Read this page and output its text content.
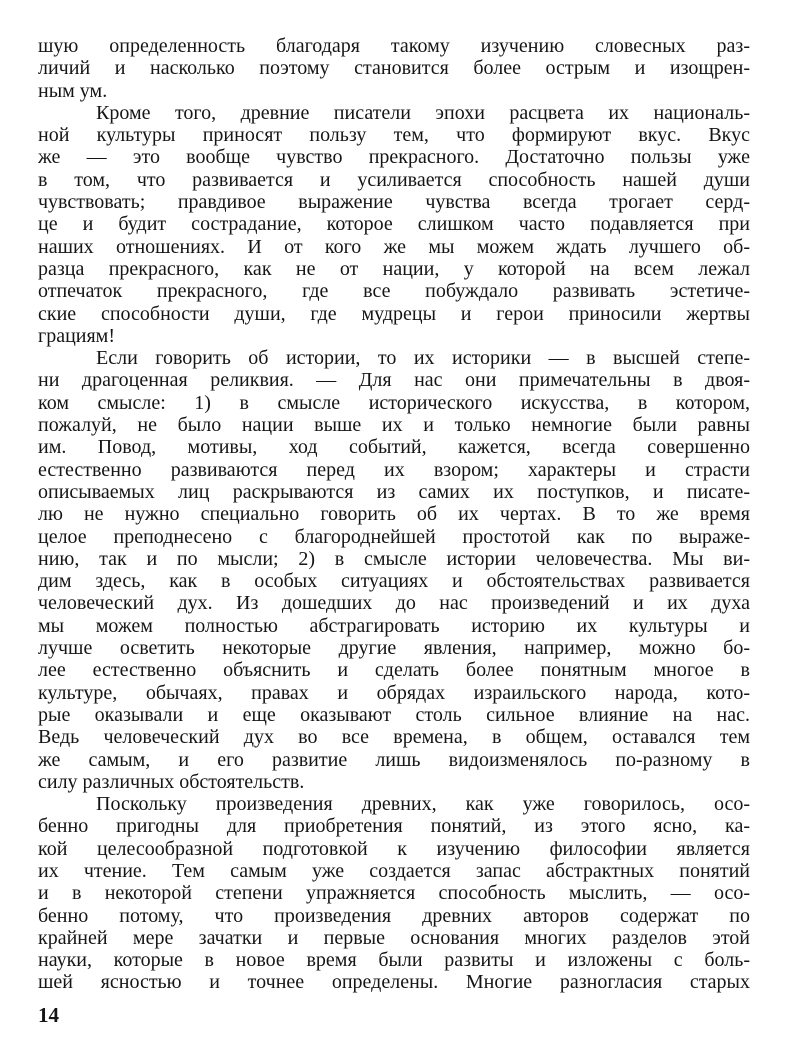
шую определенность благодаря такому изучению словесных раз-
личий и насколько поэтому становится более острым и изощрен-
ным ум.
Кроме того, древние писатели эпохи расцвета их националь-
ной культуры приносят пользу тем, что формируют вкус. Вкус
же — это вообще чувство прекрасного. Достаточно пользы уже
в том, что развивается и усиливается способность нашей души
чувствовать; правдивое выражение чувства всегда трогает серд-
це и будит сострадание, которое слишком часто подавляется при
наших отношениях. И от кого же мы можем ждать лучшего об-
разца прекрасного, как не от нации, у которой на всем лежал
отпечаток прекрасного, где все побуждало развивать эстетиче-
ские способности души, где мудрецы и герои приносили жертвы
грациям!
Если говорить об истории, то их историки — в высшей степе-
ни драгоценная реликвия. — Для нас они примечательны в двоя-
ком смысле: 1) в смысле исторического искусства, в котором,
пожалуй, не было нации выше их и только немногие были равны
им. Повод, мотивы, ход событий, кажется, всегда совершенно
естественно развиваются перед их взором; характеры и страсти
описываемых лиц раскрываются из самих их поступков, и писате-
лю не нужно специально говорить об их чертах. В то же время
целое преподнесено с благороднейшей простотой как по выраже-
нию, так и по мысли; 2) в смысле истории человечества. Мы ви-
дим здесь, как в особых ситуациях и обстоятельствах развивается
человеческий дух. Из дошедших до нас произведений и их духа
мы можем полностью абстрагировать историю их культуры и
лучше осветить некоторые другие явления, например, можно бо-
лее естественно объяснить и сделать более понятным многое в
культуре, обычаях, правах и обрядах израильского народа, кото-
рые оказывали и еще оказывают столь сильное влияние на нас.
Ведь человеческий дух во все времена, в общем, оставался тем
же самым, и его развитие лишь видоизменялось по-разному в
силу различных обстоятельств.
Поскольку произведения древних, как уже говорилось, осо-
бенно пригодны для приобретения понятий, из этого ясно, ка-
кой целесообразной подготовкой к изучению философии является
их чтение. Тем самым уже создается запас абстрактных понятий
и в некоторой степени упражняется способность мыслить, — осо-
бенно потому, что произведения древних авторов содержат по
крайней мере зачатки и первые основания многих разделов этой
науки, которые в новое время были развиты и изложены с боль-
шей ясностью и точнее определены. Многие разногласия старых
14
